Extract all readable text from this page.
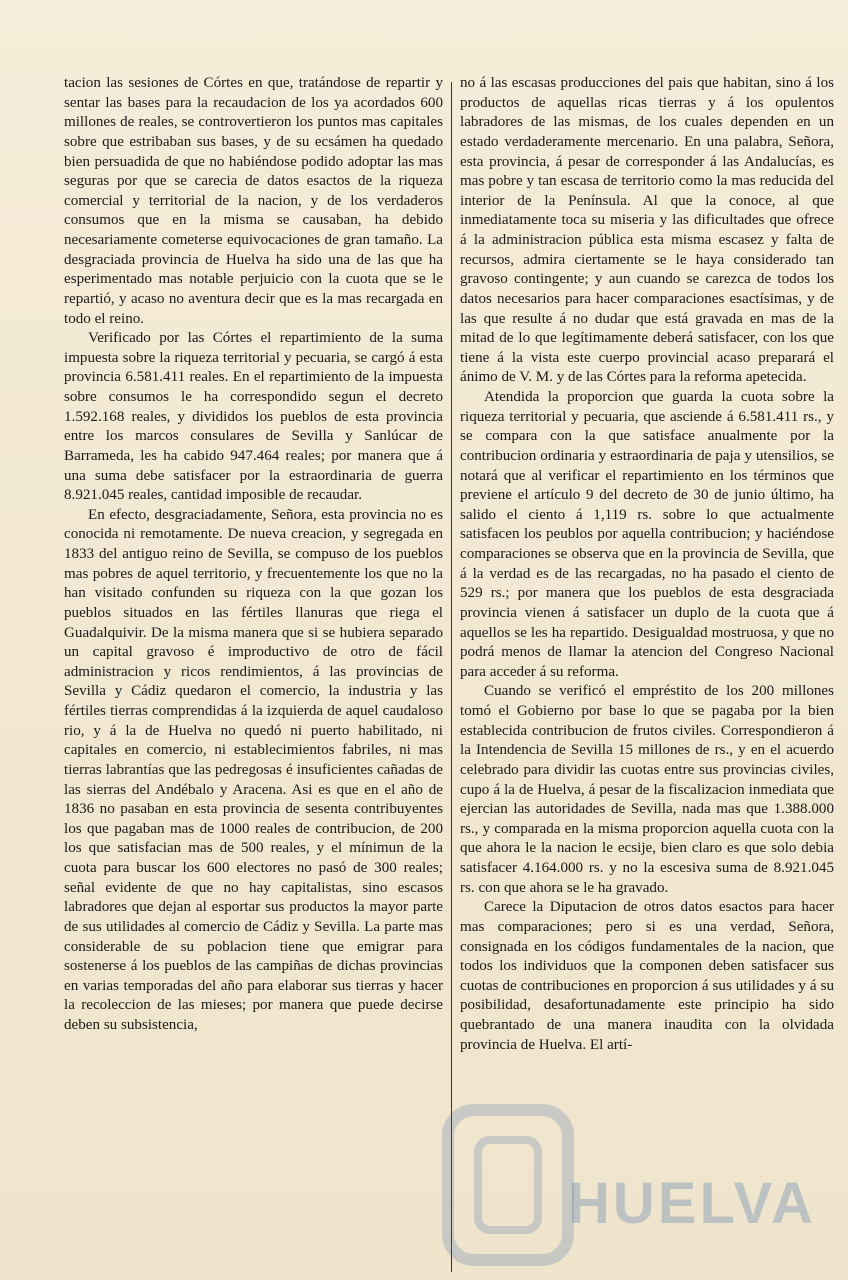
tacion las sesiones de Córtes en que, tratándose de repartir y sentar las bases para la recaudacion de los ya acordados 600 millones de reales, se controvertieron los puntos mas capitales sobre que estribaban sus bases, y de su ecsámen ha quedado bien persuadida de que no habiéndose podido adoptar las mas seguras por que se carecia de datos esactos de la riqueza comercial y territorial de la nacion, y de los verdaderos consumos que en la misma se causaban, ha debido necesariamente cometerse equivocaciones de gran tamaño. La desgraciada provincia de Huelva ha sido una de las que ha esperimentado mas notable perjuicio con la cuota que se le repartió, y acaso no aventura decir que es la mas recargada en todo el reino.

Verificado por las Córtes el repartimiento de la suma impuesta sobre la riqueza territorial y pecuaria, se cargó á esta provincia 6.581.411 reales. En el repartimiento de la impuesta sobre consumos le ha correspondido segun el decreto 1.592.168 reales, y divididos los pueblos de esta provincia entre los marcos consulares de Sevilla y Sanlúcar de Barrameda, les ha cabido 947.464 reales; por manera que á una suma debe satisfacer por la estraordinaria de guerra 8.921.045 reales, cantidad imposible de recaudar.

En efecto, desgraciadamente, Señora, esta provincia no es conocida ni remotamente. De nueva creacion, y segregada en 1833 del antiguo reino de Sevilla, se compuso de los pueblos mas pobres de aquel territorio, y frecuentemente los que no la han visitado confunden su riqueza con la que gozan los pueblos situados en las fértiles llanuras que riega el Guadalquivir. De la misma manera que si se hubiera separado un capital gravoso é improductivo de otro de fácil administracion y ricos rendimientos, á las provincias de Sevilla y Cádiz quedaron el comercio, la industria y las fértiles tierras comprendidas á la izquierda de aquel caudaloso rio, y á la de Huelva no quedó ni puerto habilitado, ni capitales en comercio, ni establecimientos fabriles, ni mas tierras labrantías que las pedregosas é insuficientes cañadas de las sierras del Andébalo y Aracena. Asi es que en el año de 1836 no pasaban en esta provincia de sesenta contribuyentes los que pagaban mas de 1000 reales de contribucion, de 200 los que satisfacian mas de 500 reales, y el mínimun de la cuota para buscar los 600 electores no pasó de 300 reales; señal evidente de que no hay capitalistas, sino escasos labradores que dejan al esportar sus productos la mayor parte de sus utilidades al comercio de Cádiz y Sevilla. La parte mas considerable de su poblacion tiene que emigrar para sostenerse á los pueblos de las campiñas de dichas provincias en varias temporadas del año para elaborar sus tierras y hacer la recoleccion de las mieses; por manera que puede decirse deben su subsistencia,

no á las escasas producciones del pais que habitan, sino á los productos de aquellas ricas tierras y á los opulentos labradores de las mismas, de los cuales dependen en un estado verdaderamente mercenario. En una palabra, Señora, esta provincia, á pesar de corresponder á las Andalucías, es mas pobre y tan escasa de territorio como la mas reducida del interior de la Península. Al que la conoce, al que inmediatamente toca su miseria y las dificultades que ofrece á la administracion pública esta misma escasez y falta de recursos, admira ciertamente se le haya considerado tan gravoso contingente; y aun cuando se carezca de todos los datos necesarios para hacer comparaciones esactísimas, y de las que resulte á no dudar que está gravada en mas de la mitad de lo que legítimamente deberá satisfacer, con los que tiene á la vista este cuerpo provincial acaso preparará el ánimo de V. M. y de las Córtes para la reforma apetecida.

Atendida la proporcion que guarda la cuota sobre la riqueza territorial y pecuaria, que asciende á 6.581.411 rs., y se compara con la que satisface anualmente por la contribucion ordinaria y estraordinaria de paja y utensilios, se notará que al verificar el repartimiento en los términos que previene el artículo 9 del decreto de 30 de junio último, ha salido el ciento á 1,119 rs. sobre lo que actualmente satisfacen los peublos por aquella contribucion; y haciéndose comparaciones se observa que en la provincia de Sevilla, que á la verdad es de las recargadas, no ha pasado el ciento de 529 rs.; por manera que los pueblos de esta desgraciada provincia vienen á satisfacer un duplo de la cuota que á aquellos se les ha repartido. Desigualdad mostruosa, y que no podrá menos de llamar la atencion del Congreso Nacional para acceder á su reforma.

Cuando se verificó el empréstito de los 200 millones tomó el Gobierno por base lo que se pagaba por la bien establecida contribucion de frutos civiles. Correspondieron á la Intendencia de Sevilla 15 millones de rs., y en el acuerdo celebrado para dividir las cuotas entre sus provincias civiles, cupo á la de Huelva, á pesar de la fiscalizacion inmediata que ejercian las autoridades de Sevilla, nada mas que 1.388.000 rs., y comparada en la misma proporcion aquella cuota con la que ahora le la nacion le ecsije, bien claro es que solo debia satisfacer 4.164.000 rs. y no la escesiva suma de 8.921.045 rs. con que ahora se le ha gravado.

Carece la Diputacion de otros datos esactos para hacer mas comparaciones; pero si es una verdad, Señora, consignada en los códigos fundamentales de la nacion, que todos los individuos que la componen deben satisfacer sus cuotas de contribuciones en proporcion á sus utilidades y á su posibilidad, desafortunadamente este principio ha sido quebrantado de una manera inaudita con la olvidada provincia de Huelva. El artí-

HUELVA
